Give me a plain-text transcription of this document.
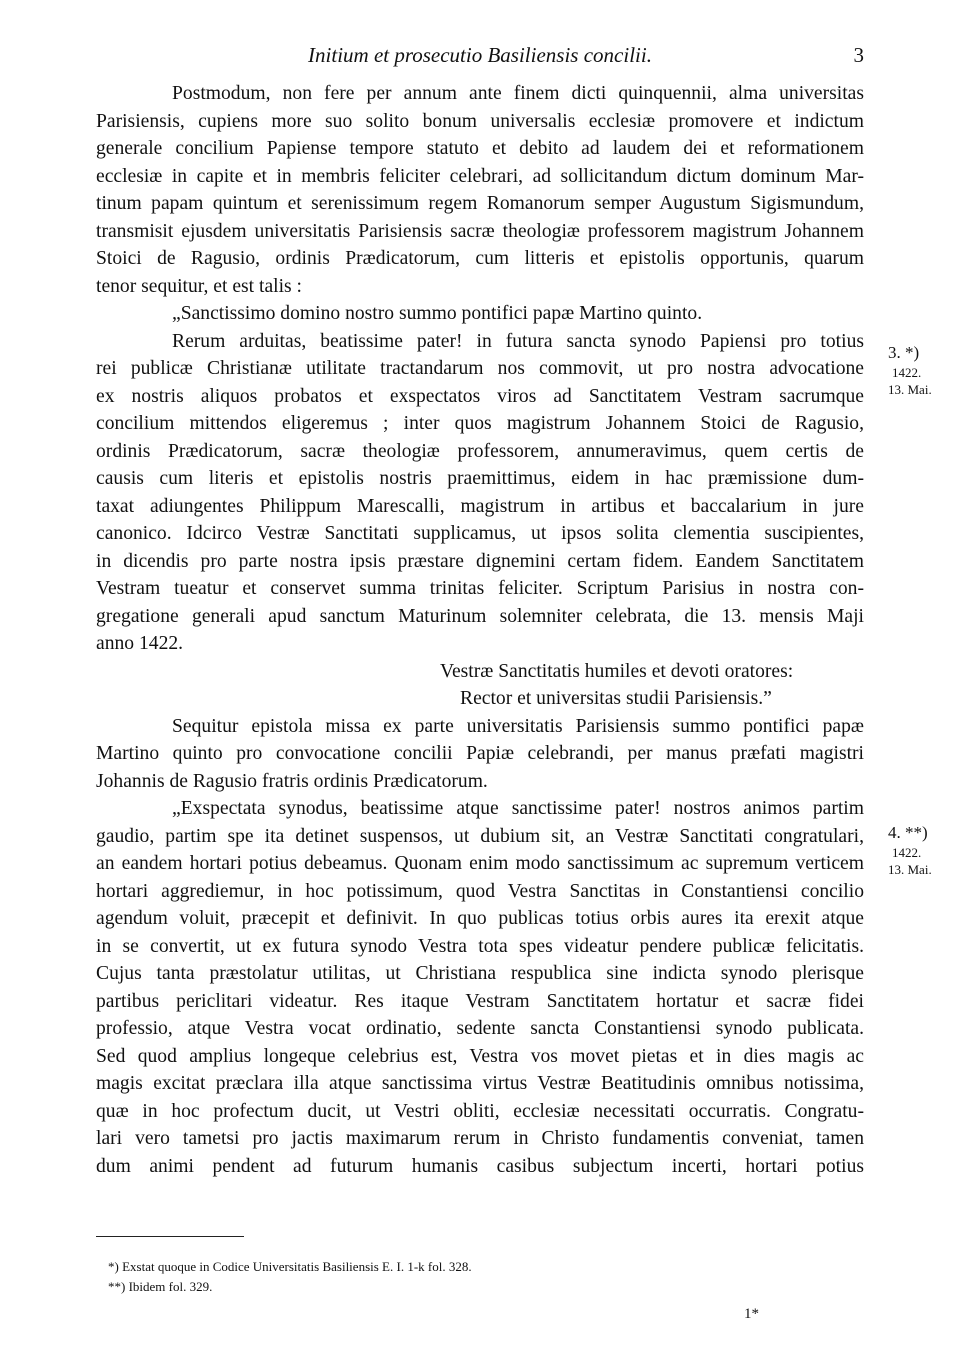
Initium et prosecutio Basiliensis concilii.	3
Postmodum, non fere per annum ante finem dicti quinquennii, alma universitas
Parisiensis, cupiens more suo solito bonum universalis ecclesiæ promovere et indictum
generale concilium Papiense tempore statuto et debito ad laudem dei et reformationem
ecclesiæ in capite et in membris feliciter celebrari, ad sollicitandum dictum dominum Mar-
tinum papam quintum et serenissimum regem Romanorum semper Augustum Sigismundum,
transmisit ejusdem universitatis Parisiensis sacræ theologiæ professorem magistrum Johannem
Stoici de Ragusio, ordinis Prædicatorum, cum litteris et epistolis opportunis, quarum
tenor sequitur, et est talis :
„Sanctissimo domino nostro summo pontifici papæ Martino quinto.
Rerum arduitas, beatissime pater! in futura sancta synodo Papiensi pro totius
rei publicæ Christianæ utilitate tractandarum nos commovit, ut pro nostra advocatione
ex nostris aliquos probatos et exspectatos viros ad Sanctitatem Vestram sacrumque
concilium mittendos eligeremus ; inter quos magistrum Johannem Stoici de Ragusio,
ordinis Prædicatorum, sacræ theologiæ professorem, annumeravimus, quem certis de
causis cum literis et epistolis nostris praemittimus, eidem in hac præmissione dum-
taxat adiungentes Philippum Marescalli, magistrum in artibus et baccalarium in jure
canonico. Idcirco Vestræ Sanctitati supplicamus, ut ipsos solita clementia suscipientes,
in dicendis pro parte nostra ipsis præstare dignemini certam fidem. Eandem Sanctitatem
Vestram tueatur et conservet summa trinitas feliciter. Scriptum Parisius in nostra con-
gregatione generali apud sanctum Maturinum solemniter celebrata, die 13. mensis Maji
anno 1422.
Vestræ Sanctitatis humiles et devoti oratores:
Rector et universitas studii Parisiensis.”
Sequitur epistola missa ex parte universitatis Parisiensis summo pontifici papæ
Martino quinto pro convocatione concilii Papiæ celebrandi, per manus præfati magistri
Johannis de Ragusio fratris ordinis Prædicatorum.
„Exspectata synodus, beatissime atque sanctissime pater! nostros animos partim
gaudio, partim spe ita detinet suspensos, ut dubium sit, an Vestræ Sanctitati congratulari,
an eandem hortari potius debeamus. Quonam enim modo sanctissimum ac supremum verticem
hortari aggrediemur, in hoc potissimum, quod Vestra Sanctitas in Constantiensi concilio
agendum voluit, præcepit et definivit. In quo publicas totius orbis aures ita erexit atque
in se convertit, ut ex futura synodo Vestra tota spes videatur pendere publicæ felicitatis.
Cujus tanta præstolatur utilitas, ut Christiana respublica sine indicta synodo plerisque
partibus periclitari videatur. Res itaque Vestram Sanctitatem hortatur et sacræ fidei
professio, atque Vestra vocat ordinatio, sedente sancta Constantiensi synodo publicata.
Sed quod amplius longeque celebrius est, Vestra vos movet pietas et in dies magis ac
magis excitat præclara illa atque sanctissima virtus Vestræ Beatitudinis omnibus notissima,
quæ in hoc profectum ducit, ut Vestri obliti, ecclesiæ necessitati occurratis. Congratu-
lari vero tametsi pro jactis maximarum rerum in Christo fundamentis conveniat, tamen
dum animi pendent ad futurum humanis casibus subjectum incerti, hortari potius
3. *)
1422.
13. Mai.
4. **)
1422.
13. Mai.
*) Exstat quoque in Codice Universitatis Basiliensis E. I. 1-k fol. 328.
**) Ibidem fol. 329.
1*
